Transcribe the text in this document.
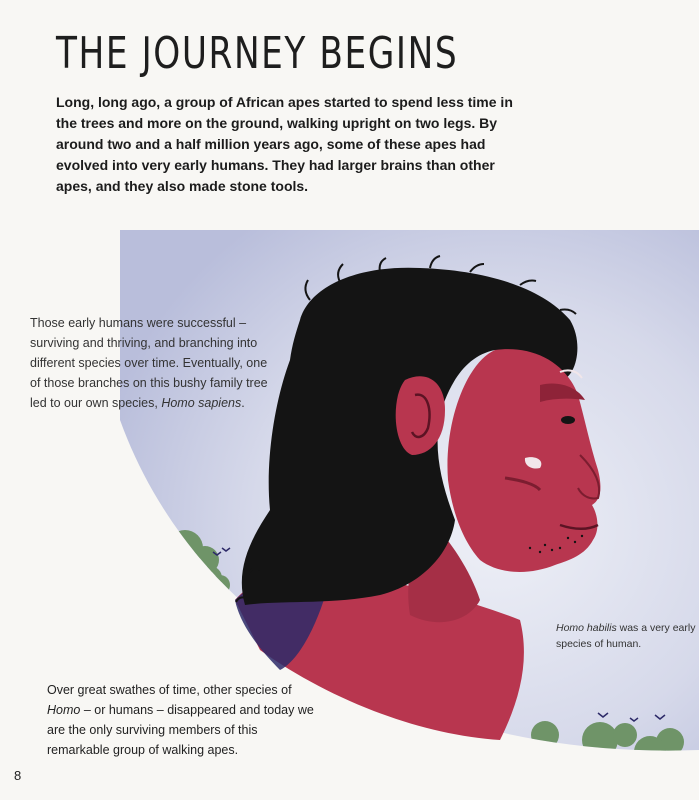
THE JOURNEY BEGINS

Long, long ago, a group of African apes started to spend less time in the trees and more on the ground, walking upright on two legs. By around two and a half million years ago, some of these apes had evolved into very early humans. They had larger brains than other apes, and they also made stone tools.

Those early humans were successful – surviving and thriving, and branching into different species over time. Eventually, one of those branches on this bushy family tree led to our own species, Homo sapiens.

Homo habilis was a very early species of human.

Over great swathes of time, other species of Homo – or humans – disappeared and today we are the only surviving members of this remarkable group of walking apes.

8
